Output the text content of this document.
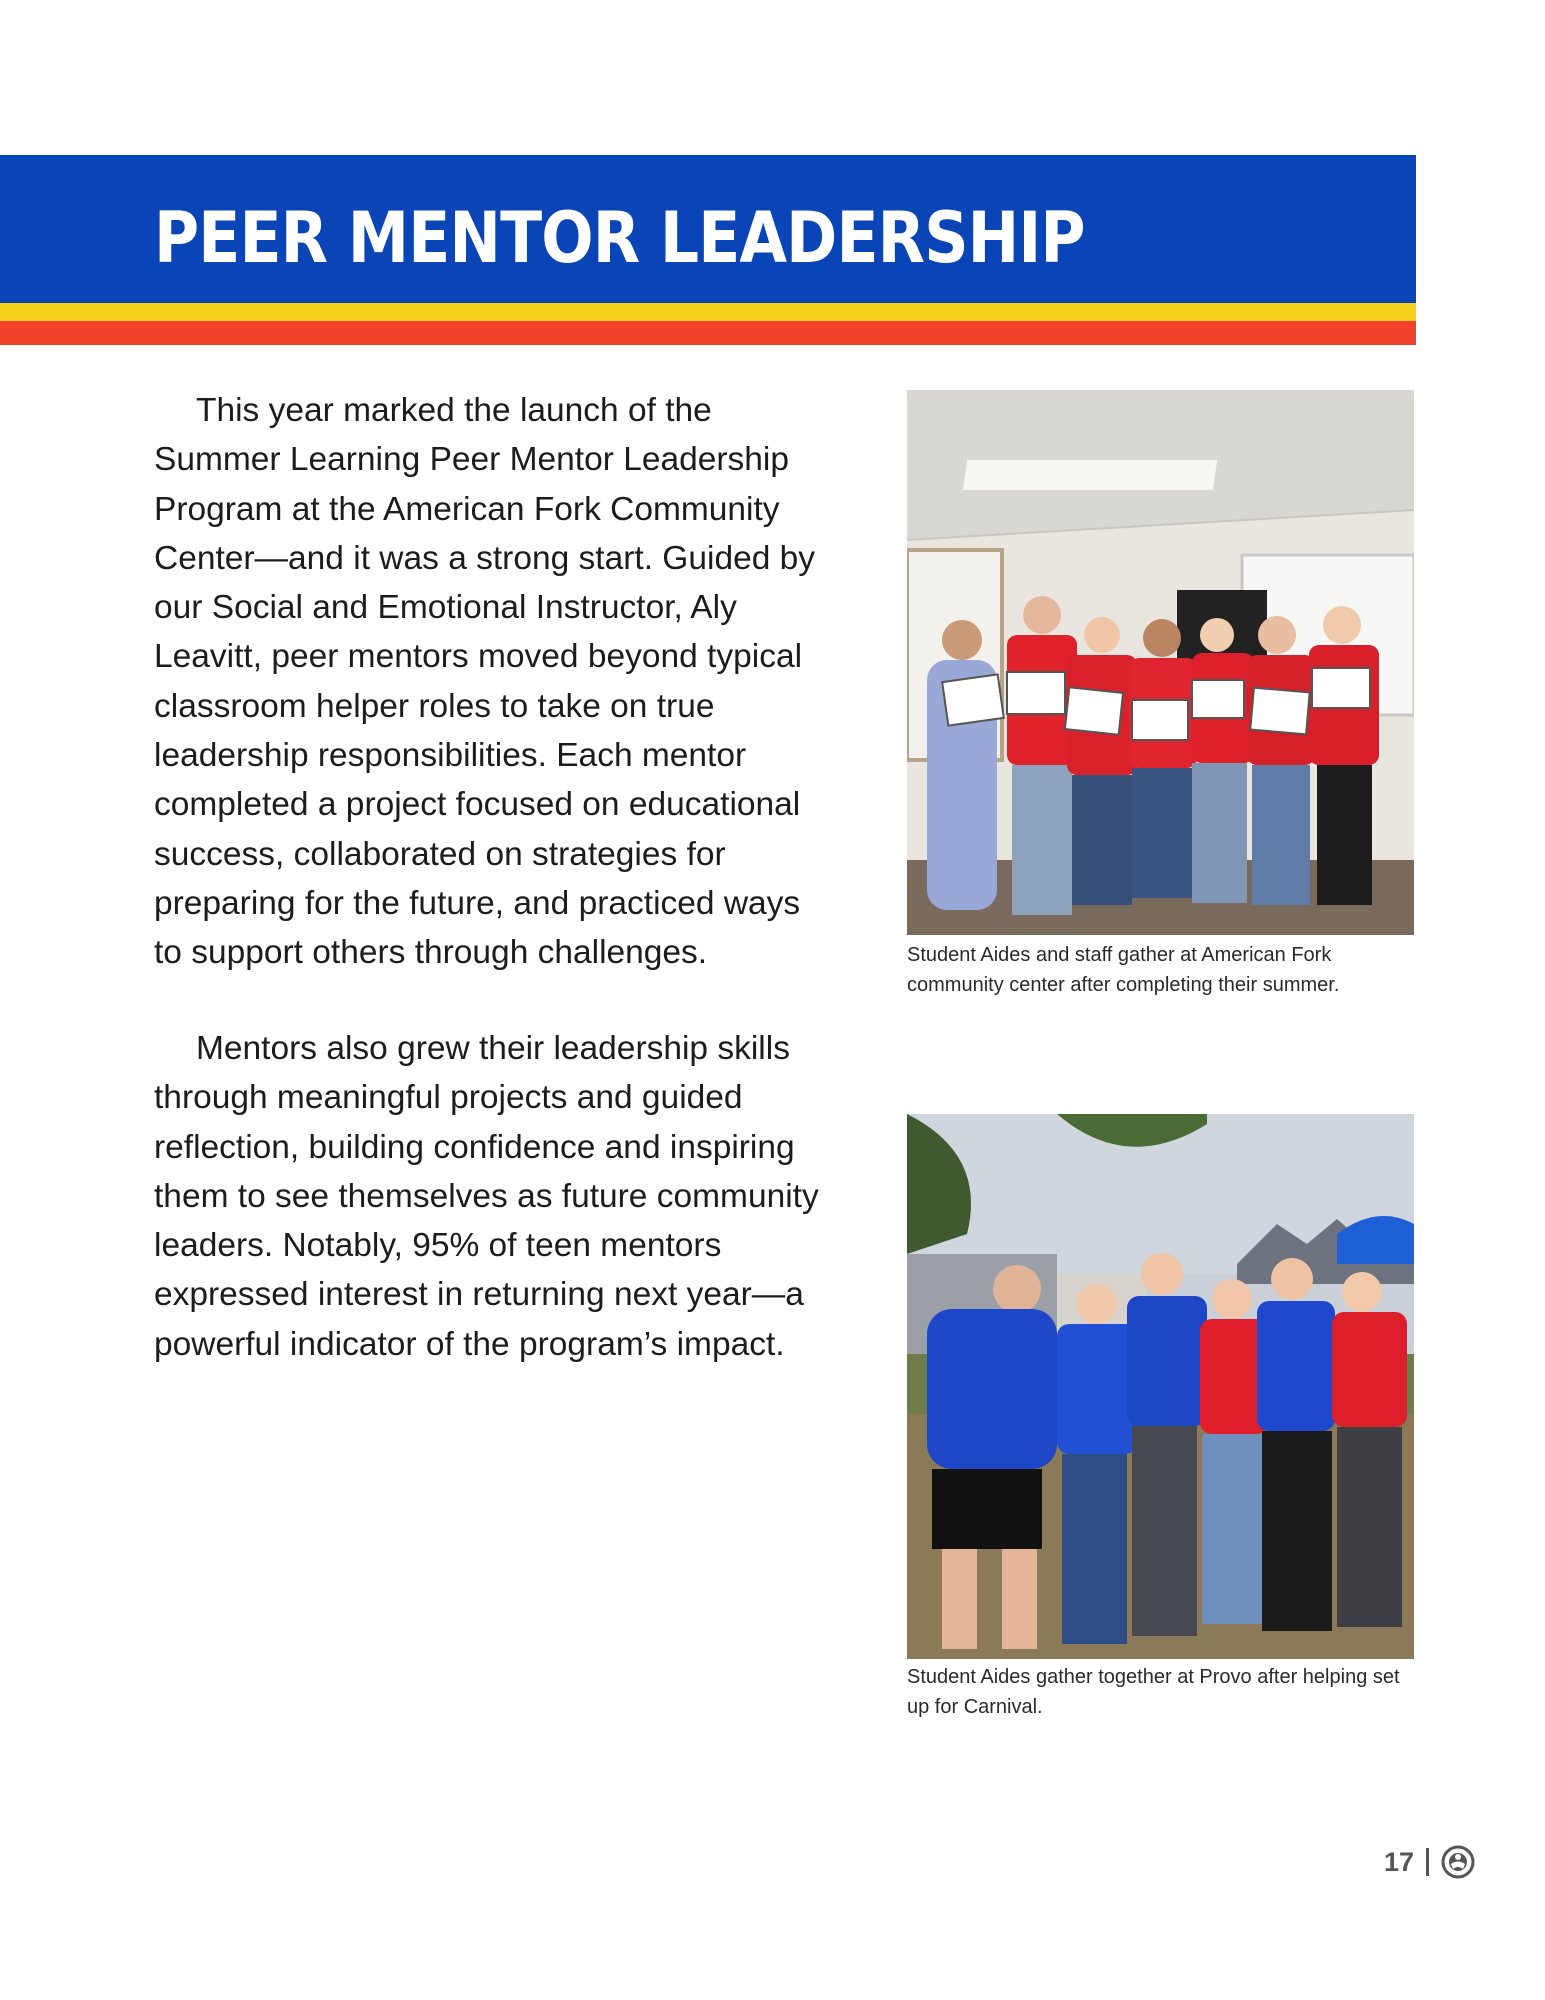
PEER MENTOR LEADERSHIP

This year marked the launch of the Summer Learning Peer Mentor Leadership Program at the American Fork Community Center—and it was a strong start. Guided by our Social and Emotional Instructor, Aly Leavitt, peer mentors moved beyond typical classroom helper roles to take on true leadership responsibilities. Each mentor completed a project focused on educational success, collaborated on strategies for preparing for the future, and practiced ways to support others through challenges.

Mentors also grew their leadership skills through meaningful projects and guided reflection, building confidence and inspiring them to see themselves as future community leaders. Notably, 95% of teen mentors expressed interest in returning next year—a powerful indicator of the program’s impact.

Student Aides and staff gather at American Fork community center after completing their summer.

Student Aides gather together at Provo after helping set up for Carnival.

17
